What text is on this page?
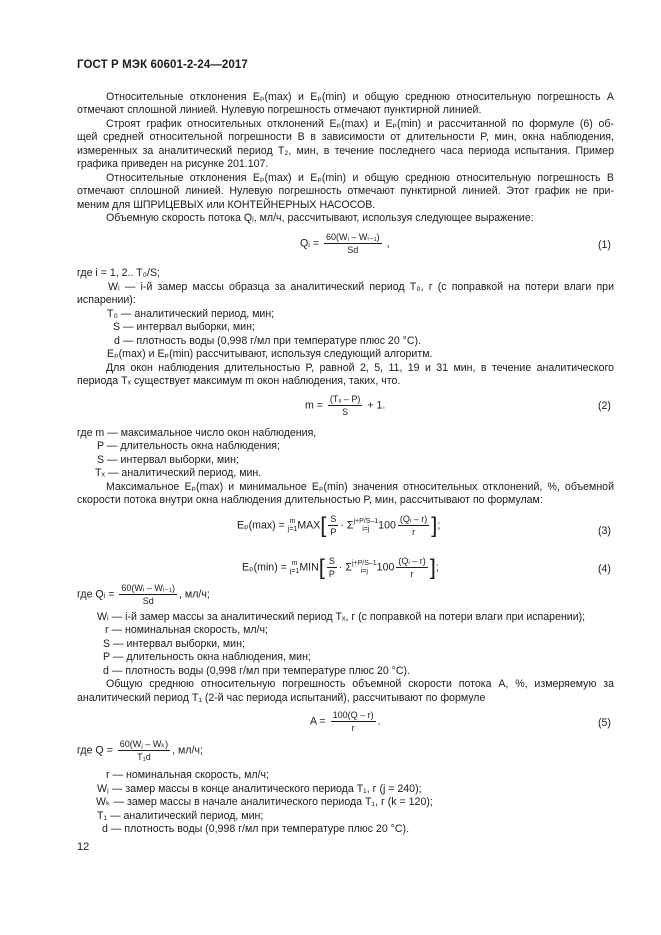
ГОСТ Р МЭК 60601-2-24—2017
Относительные отклонения Eₚ(max) и Eₚ(min) и общую среднюю относительную погрешность A
отмечают сплошной линией. Нулевую погрешность отмечают пунктирной линией.
Строят график относительных отклонений Eₚ(max) и Eₚ(min) и рассчитанной по формуле (6) об-
щей средней относительной погрешности B в зависимости от длительности P, мин, окна наблюдения,
измеренных за аналитический период T₂, мин, в течение последнего часа периода испытания. Пример
графика приведен на рисунке 201.107.
Относительные отклонения Eₚ(max) и Eₚ(min) и общую среднюю относительную погрешность B
отмечают сплошной линией. Нулевую погрешность отмечают пунктирной линией. Этот график не при-
меним для ШПРИЦЕВЫХ или КОНТЕЙНЕРНЫХ НАСОСОВ.
Объемную скорость потока Qᵢ, мл/ч, рассчитывают, используя следующее выражение:
Qᵢ = $\frac{\text{60(Wᵢ – Wᵢ₋₁)}}{Sd}$ ,	(1)
где i = 1, 2.. T₀/S;
Wᵢ — i-й замер массы образца за аналитический период T₀, г (с поправкой на потери влаги при
испарении):
T₀ — аналитический период, мин;
S — интервал выборки, мин;
d — плотность воды (0,998 г/мл при температуре плюс 20 °С).
Eₚ(max) и Eₚ(min) рассчитывают, используя следующий алгоритм.
Для окон наблюдения длительностью P, равной 2, 5, 11, 19 и 31 мин, в течение аналитического
периода Tₓ существует максимум m окон наблюдения, таких, что.
$m = \frac{\text{(Tₓ – P)}}{S} + 1$.	(2)
где m — максимальное число окон наблюдения,
P — длительность окна наблюдения;
S — интервал выборки, мин;
Tₓ — аналитический период, мин.
Максимальное Eₚ(max) и минимальное Eₚ(min) значения относительных отклонений, %, объемной
скорости потока внутри окна наблюдения длительностью P, мин, рассчитывают по формулам:
Eₚ(max) = m
$j=1MAX[ \frac{S}{P} \cdot \Sigma j+P/S-1$
i=j $100 \frac{\text{(Qᵢ – r)}}{r}$ ];	(3)
Eₚ(min) = m
$j=1MIN[ \frac{S}{P} \cdot \Sigma j+P/S-1$
i=j $100 \frac{\text{(Qᵢ – r)}}{r}$ ];	(4)
где Qᵢ = $\frac{\text{60(Wᵢ – Wᵢ₋₁)}}{Sd}$ , мл/ч;
Wᵢ — i-й замер массы за аналитический период Tₓ, г (с поправкой на потери влаги при испарении);
r — номинальная скорость, мл/ч;
S — интервал выборки, мин;
P — длительность окна наблюдения, мин;
d — плотность воды (0,998 г/мл при температуре плюс 20 °С).
Общую среднюю относительную погрешность объемной скорости потока A, %, измеряемую за
аналитический период T₁ (2-й час периода испытаний), рассчитывают по формуле
$A = \frac{100(Q - r)}{r}$ .	(5)
где $Q = \frac{\text{60(Wⱼ – Wₖ)}}{\text{T₁d}}$ , мл/ч;
r — номинальная скорость, мл/ч;
Wⱼ — замер массы в конце аналитического периода T₁, г (j = 240);
Wₖ — замер массы в начале аналитического периода T₁, г (k = 120);
T₁ — аналитический период, мин;
d — плотность воды (0,998 г/мл при температуре плюс 20 °С).
12
